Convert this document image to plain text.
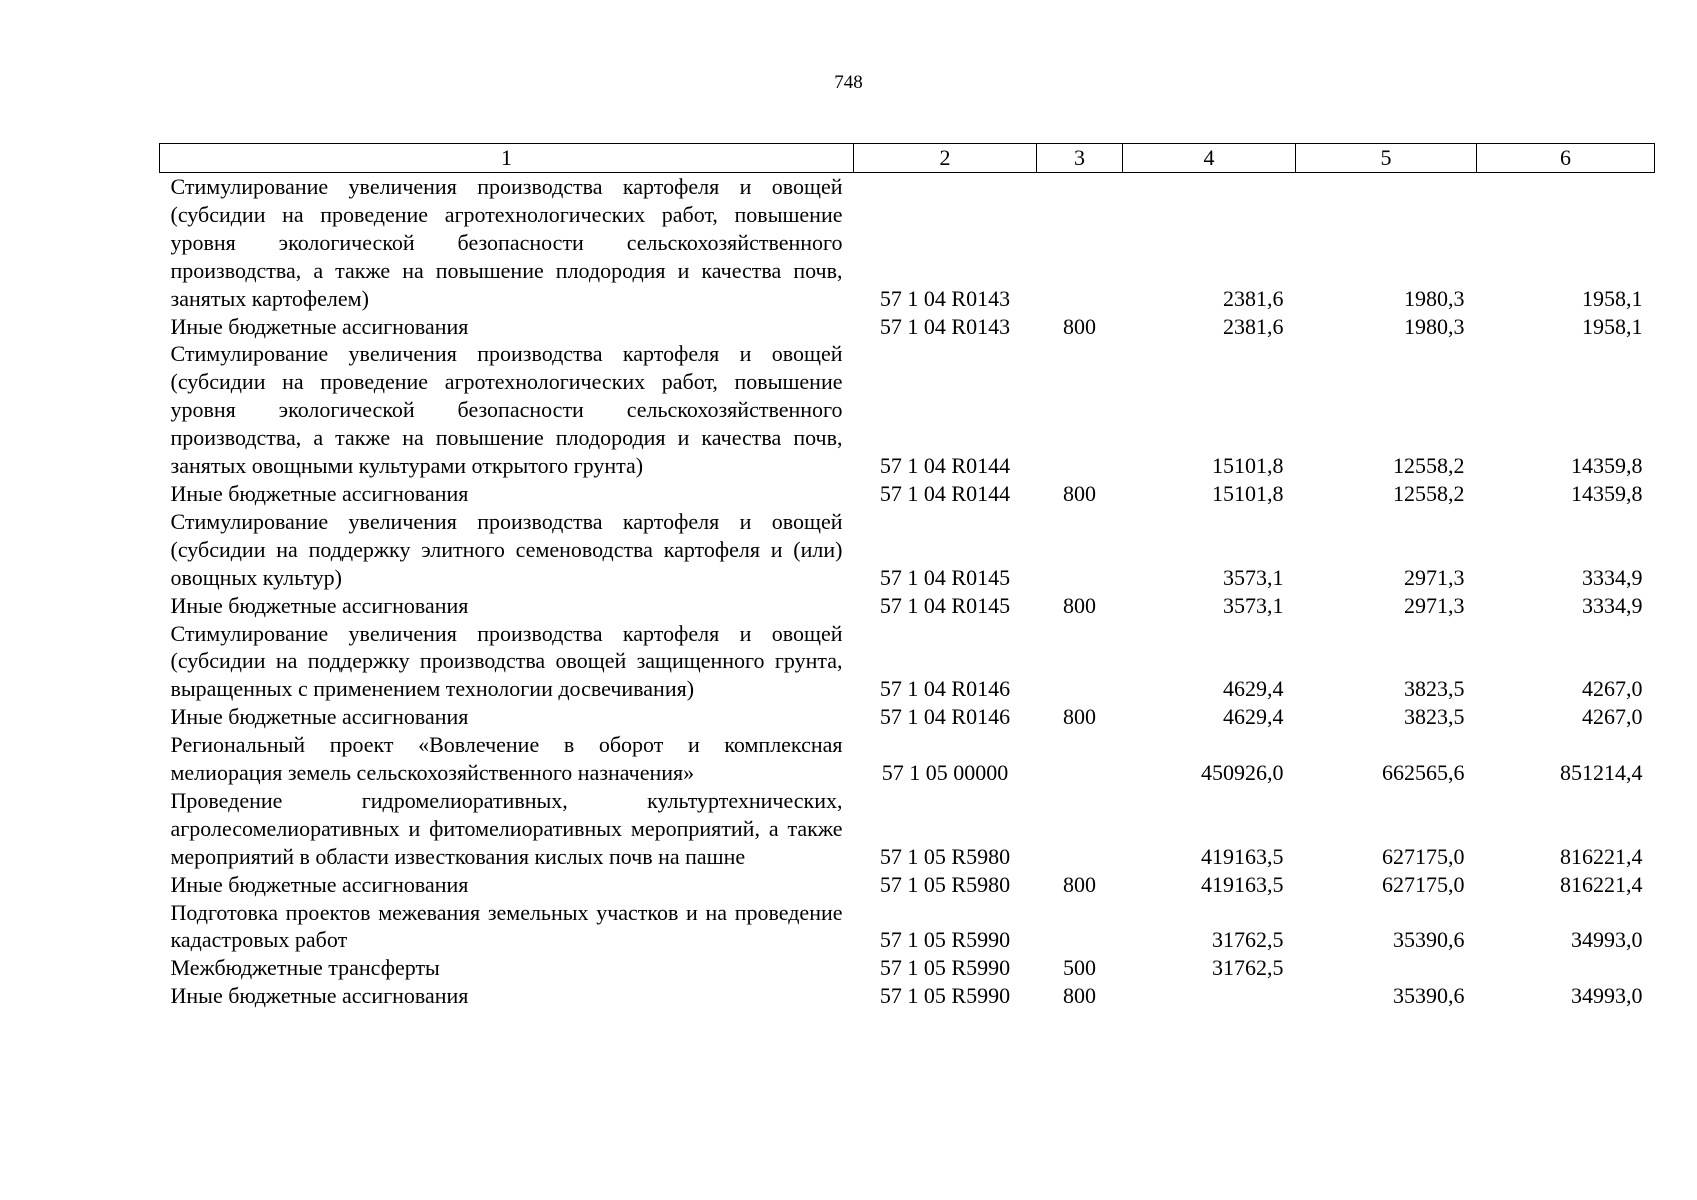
748
1	2	3	4	5	6
Стимулирование увеличения производства картофеля и овощей (субсидии на проведение агротехнологических работ, повышение уровня экологической безопасности сельскохозяйственного производства, а также на повышение плодородия и качества почв, занятых картофелем)	57 1 04 R0143		2381,6	1980,3	1958,1
Иные бюджетные ассигнования	57 1 04 R0143	800	2381,6	1980,3	1958,1
Стимулирование увеличения производства картофеля и овощей (субсидии на проведение агротехнологических работ, повышение уровня экологической безопасности сельскохозяйственного производства, а также на повышение плодородия и качества почв, занятых овощными культурами открытого грунта)	57 1 04 R0144		15101,8	12558,2	14359,8
Иные бюджетные ассигнования	57 1 04 R0144	800	15101,8	12558,2	14359,8
Стимулирование увеличения производства картофеля и овощей (субсидии на поддержку элитного семеноводства картофеля и (или) овощных культур)	57 1 04 R0145		3573,1	2971,3	3334,9
Иные бюджетные ассигнования	57 1 04 R0145	800	3573,1	2971,3	3334,9
Стимулирование увеличения производства картофеля и овощей (субсидии на поддержку производства овощей защищенного грунта, выращенных с применением технологии досвечивания)	57 1 04 R0146		4629,4	3823,5	4267,0
Иные бюджетные ассигнования	57 1 04 R0146	800	4629,4	3823,5	4267,0
Региональный проект «Вовлечение в оборот и комплексная мелиорация земель сельскохозяйственного назначения»	57 1 05 00000		450926,0	662565,6	851214,4
Проведение гидромелиоративных, культуртехнических, агролесомелиоративных и фитомелиоративных мероприятий, а также мероприятий в области известкования кислых почв на пашне	57 1 05 R5980		419163,5	627175,0	816221,4
Иные бюджетные ассигнования	57 1 05 R5980	800	419163,5	627175,0	816221,4
Подготовка проектов межевания земельных участков и на проведение кадастровых работ	57 1 05 R5990		31762,5	35390,6	34993,0
Межбюджетные трансферты	57 1 05 R5990	500	31762,5		
Иные бюджетные ассигнования	57 1 05 R5990	800		35390,6	34993,0
